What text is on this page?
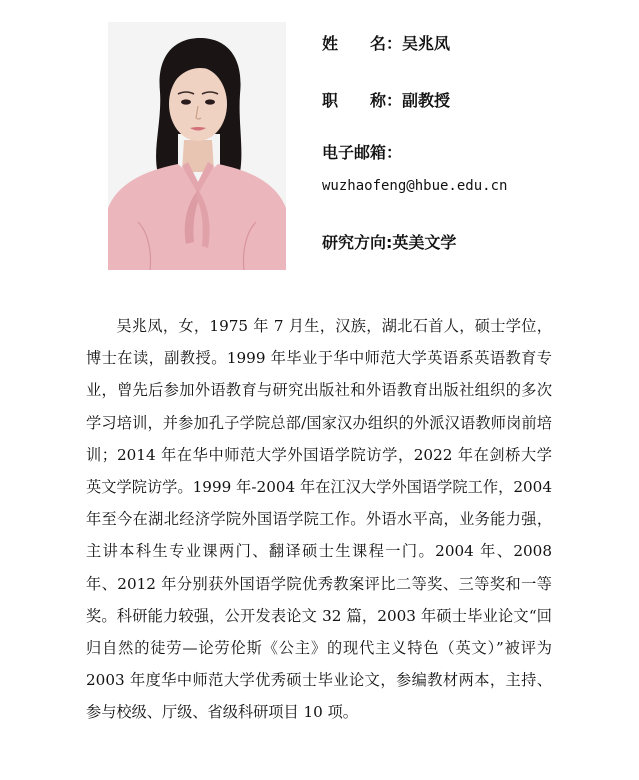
姓　　名：吴兆凤
职　　称：副教授
电子邮箱：
wuzhaofeng@hbue.edu.cn
研究方向:英美文学

吴兆凤，女，1975 年 7 月生，汉族，湖北石首人，硕士学位，博士在读，副教授。1999 年毕业于华中师范大学英语系英语教育专业，曾先后参加外语教育与研究出版社和外语教育出版社组织的多次学习培训，并参加孔子学院总部/国家汉办组织的外派汉语教师岗前培训；2014 年在华中师范大学外国语学院访学，2022 年在剑桥大学英文学院访学。1999 年-2004 年在江汉大学外国语学院工作，2004 年至今在湖北经济学院外国语学院工作。外语水平高，业务能力强，主讲本科生专业课两门、翻译硕士生课程一门。2004 年、2008 年、2012 年分别获外国语学院优秀教案评比二等奖、三等奖和一等奖。科研能力较强，公开发表论文 32 篇，2003 年硕士毕业论文“回归自然的徒劳—论劳伦斯《公主》的现代主义特色（英文）”被评为 2003 年度华中师范大学优秀硕士毕业论文，参编教材两本，主持、参与校级、厅级、省级科研项目 10 项。
